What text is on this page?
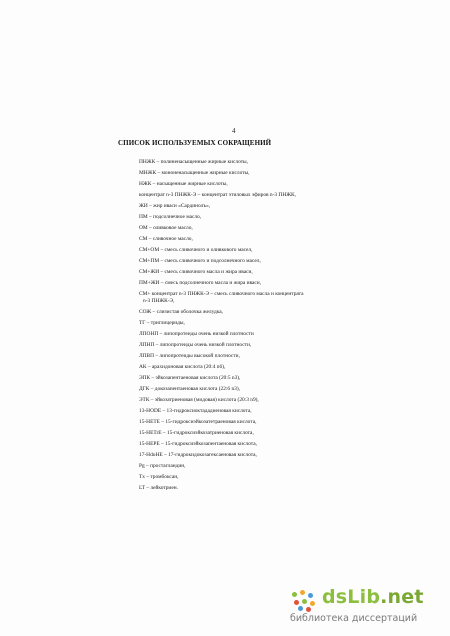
4
СПИСОК ИСПОЛЬЗУЕМЫХ СОКРАЩЕНИЙ
ПНЖК – полиненасыщенные жирные кислоты,
МНЖК – мононенасыщенные жирные кислоты,
НЖК – насыщенные жирные кислоты,
концентрат n-3 ПНЖК-Э – концентрат этиловых эфиров n-3 ПНЖК,
ЖИ – жир иваси «Сардинолъ»,
ПМ – подсолнечное масло,
ОМ – оливковое масло,
СМ – сливочное масло,
СМ+ОМ – смесь сливочного и оливкового масел,
СМ+ПМ – смесь сливочного и подсолнечного масел,
СМ+ЖИ – смесь сливочного масла и жира иваси,
ПМ+ЖИ – смесь подсолнечного масла и жира иваси,
СМ+ концентрат n-3 ПНЖК-Э – смесь сливочного масла и концентрата
n-3 ПНЖК-Э,
СОЖ – слизистая оболочка желудка,
ТГ – триглицериды,
ЛПОНП – липопротеиды очень низкой плотности
ЛПНП – липопротеиды очень низкой плотности,
ЛПВП – липопротеиды высокой плотности,
АК – арахидоновая кислота (20:4 n6),
ЭПК – эйкозапентаеновая кислота (20:5 n3),
ДГК – докозапентаеновая кислота (22:6 n3),
ЭТК – эйкозатриеновая (мидовая) кислота (20:3 n9),
13-HODE – 13-гидроксиоктададиеновая кислота,
15-HETE – 15-гидроксиэйкозатетраеновая кислота,
15-HETrE – 15-гидроксиэйкозатриеновая кислота,
15-HEPE – 15-гидроксиэйкозапентаеновая кислота,
17-HdoHE – 17-гидрокидокозагексаеновая кислота,
Pg – простагландин,
Tx – тромбоксан,
LT – лейкотриен.
dsLib.net
библиотека диссертаций
